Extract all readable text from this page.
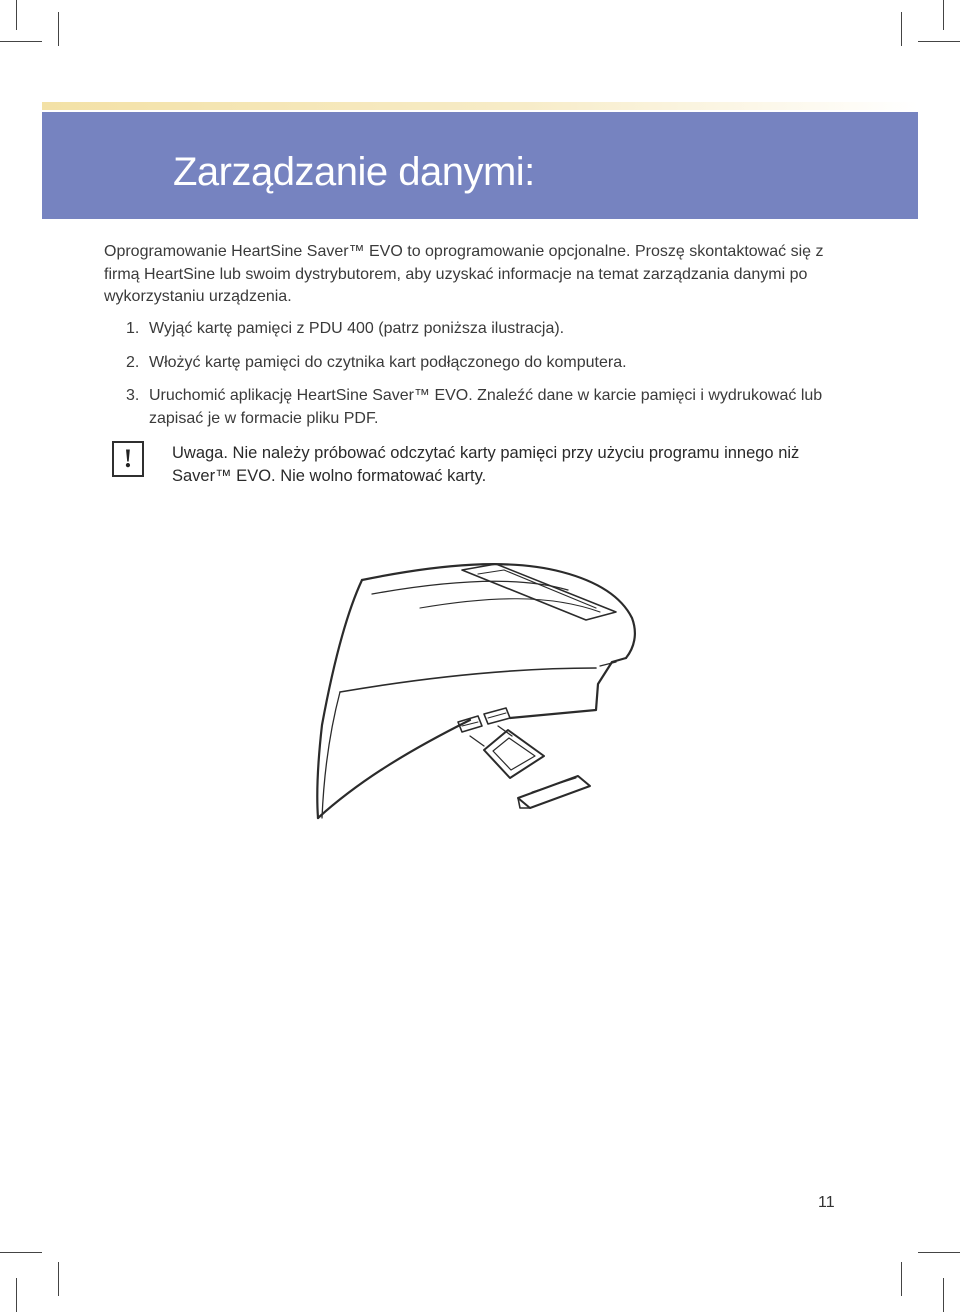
Zarządzanie danymi:

Oprogramowanie HeartSine Saver™ EVO to oprogramowanie opcjonalne. Proszę skontaktować się z firmą HeartSine lub swoim dystrybutorem, aby uzyskać informacje na temat zarządzania danymi po wykorzystaniu urządzenia.

1. Wyjąć kartę pamięci z PDU 400 (patrz poniższa ilustracja).
2. Włożyć kartę pamięci do czytnika kart podłączonego do komputera.
3. Uruchomić aplikację HeartSine Saver™ EVO. Znaleźć dane w karcie pamięci i wydrukować lub zapisać je w formacie pliku PDF.
!	Uwaga. Nie należy próbować odczytać karty pamięci przy użyciu programu innego niż Saver™ EVO. Nie wolno formatować karty.

11
